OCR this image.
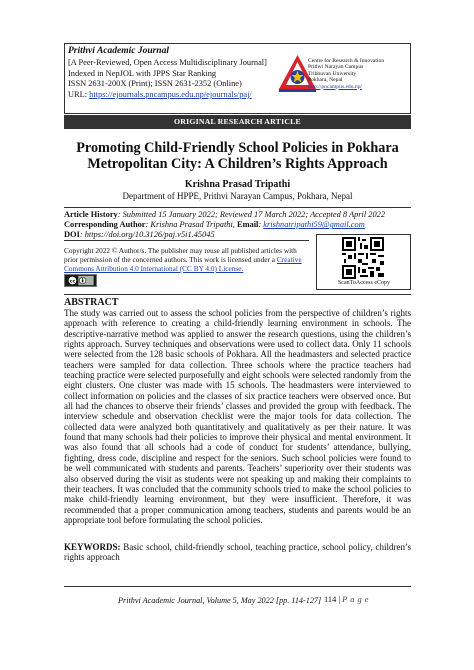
Prithvi Academic Journal
[A Peer-Reviewed, Open Access Multidisciplinary Journal]
Indexed in NepJOL with JPPS Star Ranking
ISSN 2631-200X (Print); ISSN 2631-2352 (Online)
URL: https://ejournals.pncampus.edu.np/ejournals/paj/
Centre for Research & Innovation
Prithvi Narayan Campus
Tribhuvan University
Pokhara, Nepal
http://pncampus.edu.np/
ORIGINAL RESEARCH ARTICLE
Promoting Child-Friendly School Policies in Pokhara
Metropolitan City: A Children’s Rights Approach
Krishna Prasad Tripathi
Department of HPPE, Prithvi Narayan Campus, Pokhara, Nepal
Article History: Submitted 15 January 2022; Reviewed 17 March 2022; Accepted 8 April 2022
Corresponding Author: Krishna Prasad Tripathi, Email: krishnatripathi59@gmail.com
DOI: https://doi.org/10.3126/paj.v5i1.45045
Copyright 2022 © Author/s. The publisher may reuse all published articles with prior permission of the concerned authors. This work is licensed under a Creative Commons Attribution 4.0 International (CC BY 4.0) License.
cc	ScanToAccess eCopy
ABSTRACT
The study was carried out to assess the school policies from the perspective of children’s rights approach with reference to creating a child-friendly learning environment in schools. The descriptive-narrative method was applied to answer the research questions, using the children’s rights approach. Survey techniques and observations were used to collect data. Only 11 schools were selected from the 128 basic schools of Pokhara. All the headmasters and selected practice teachers were sampled for data collection. Three schools where the practice teachers had teaching practice were selected purposefully and eight schools were selected randomly from the eight clusters. One cluster was made with 15 schools. The headmasters were interviewed to collect information on policies and the classes of six practice teachers were observed once. But all had the chances to observe their friends’ classes and provided the group with feedback. The interview schedule and observation checklist were the major tools for data collection. The collected data were analyzed both quantitatively and qualitatively as per their nature. It was found that many schools had their policies to improve their physical and mental environment. It was also found that all schools had a code of conduct for students’ attendance, bullying, fighting, dress code, discipline and respect for the seniors. Such school policies were found to be well communicated with students and parents. Teachers’ superiority over their students was also observed during the visit as students were not speaking up and making their complaints to their teachers. It was concluded that the community schools tried to make the school policies to make child-friendly learning environment, but they were insufficient. Therefore, it was recommended that a proper communication among teachers, students and parents would be an appropriate tool before formulating the school policies.
KEYWORDS: Basic school, child-friendly school, teaching practice, school policy, children’s rights approach
Prithvi Academic Journal, Volume 5, May 2022 [pp. 114-127] 114 | P a g e
